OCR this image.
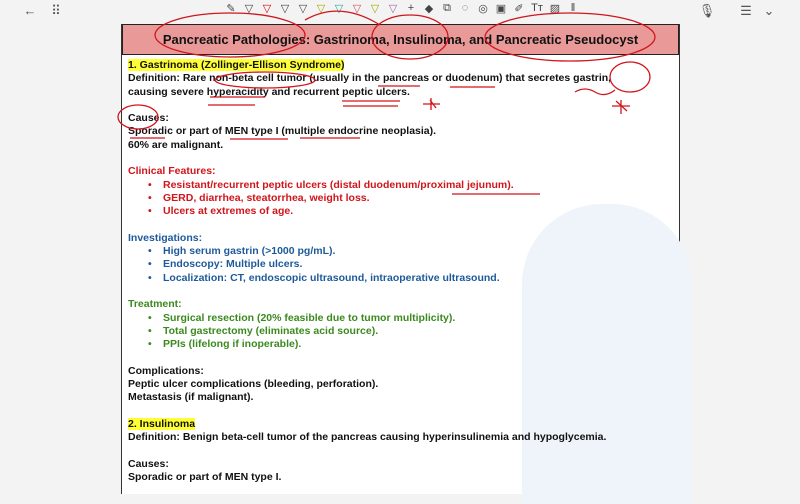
←	⠿	✎ ▽ ▽ ▽ ▽ ▽ ▽ ▽ ▽ ▽ + ◆ ⧉ ◌ ◎ ▣ ✐ Tт ▨ ‖	🎙	☰ ⌄
Pancreatic Pathologies: Gastrinoma, Insulinoma, and Pancreatic Pseudocyst
1. Gastrinoma (Zollinger-Ellison Syndrome)
Definition: Rare non-beta cell tumor (usually in the pancreas or duodenum) that secretes gastrin,
causing severe hyperacidity and recurrent peptic ulcers.
Causes:
Sporadic or part of MEN type I (multiple endocrine neoplasia).
60% are malignant.
Clinical Features:
• Resistant/recurrent peptic ulcers (distal duodenum/proximal jejunum).
• GERD, diarrhea, steatorrhea, weight loss.
• Ulcers at extremes of age.
Investigations:
• High serum gastrin (>1000 pg/mL).
• Endoscopy: Multiple ulcers.
• Localization: CT, endoscopic ultrasound, intraoperative ultrasound.
Treatment:
• Surgical resection (20% feasible due to tumor multiplicity).
• Total gastrectomy (eliminates acid source).
• PPIs (lifelong if inoperable).
Complications:
Peptic ulcer complications (bleeding, perforation).
Metastasis (if malignant).
2. Insulinoma
Definition: Benign beta-cell tumor of the pancreas causing hyperinsulinemia and hypoglycemia.
Causes:
Sporadic or part of MEN type I.
